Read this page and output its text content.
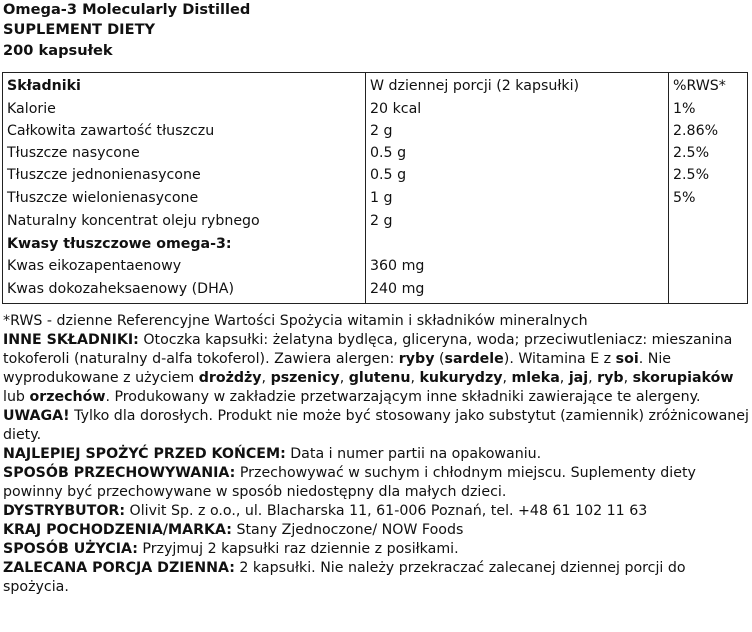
Omega-3 Molecularly Distilled
SUPLEMENT DIETY
200 kapsułek
Składniki	W dziennej porcji (2 kapsułki)	%RWS*
Kalorie	20 kcal	1%
Całkowita zawartość tłuszczu	2 g	2.86%
Tłuszcze nasycone	0.5 g	2.5%
Tłuszcze jednonienasycone	0.5 g	2.5%
Tłuszcze wielonienasycone	1 g	5%
Naturalny koncentrat oleju rybnego	2 g
Kwasy tłuszczowe omega-3:
Kwas eikozapentaenowy	360 mg
Kwas dokozaheksaenowy (DHA)	240 mg

*RWS - dzienne Referencyjne Wartości Spożycia witamin i składników mineralnych

INNE SKŁADNIKI: Otoczka kapsułki: żelatyna bydlęca, gliceryna, woda; przeciwutleniacz: mieszanina tokoferoli (naturalny d-alfa tokoferol). Zawiera alergen: ryby (sardele). Witamina E z soi. Nie wyprodukowane z użyciem drożdży, pszenicy, glutenu, kukurydzy, mleka, jaj, ryb, skorupiaków lub orzechów. Produkowany w zakładzie przetwarzającym inne składniki zawierające te alergeny.

UWAGA! Tylko dla dorosłych. Produkt nie może być stosowany jako substytut (zamiennik) zróżnicowanej diety.

NAJLEPIEJ SPOŻYĆ PRZED KOŃCEM: Data i numer partii na opakowaniu.

SPOSÓB PRZECHOWYWANIA: Przechowywać w suchym i chłodnym miejscu. Suplementy diety powinny być przechowywane w sposób niedostępny dla małych dzieci.

DYSTRYBUTOR: Olivit Sp. z o.o., ul. Blacharska 11, 61-006 Poznań, tel. +48 61 102 11 63

KRAJ POCHODZENIA/MARKA: Stany Zjednoczone/ NOW Foods

SPOSÓB UŻYCIA: Przyjmuj 2 kapsułki raz dziennie z posiłkami.

ZALECANA PORCJA DZIENNA: 2 kapsułki. Nie należy przekraczać zalecanej dziennej porcji do spożycia.
